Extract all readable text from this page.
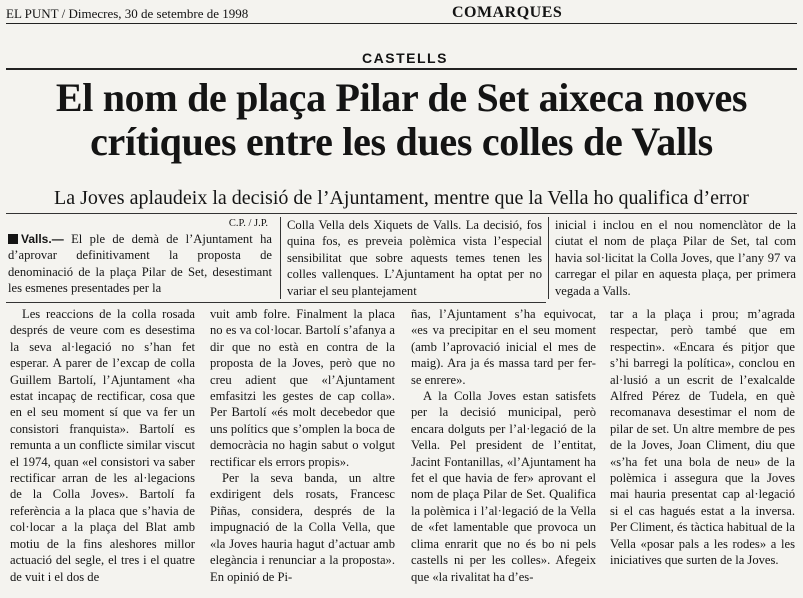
EL PUNT / Dimecres, 30 de setembre de 1998	COMARQUES
CASTELLS
El nom de plaça Pilar de Set aixeca noves
crítiques entre les dues colles de Valls
La Joves aplaudeix la decisió de l’Ajuntament, mentre que la Vella ho qualifica d’error
C.P. / J.P.
Valls.— El ple de demà de l’Ajuntament ha d’aprovar definitivament la proposta de denominació de la plaça Pilar de Set, desestimant les esmenes presentades per la
Colla Vella dels Xiquets de Valls. La decisió, fos quina fos, es preveia polèmica vista l’especial sensibilitat que sobre aquests temes tenen les colles vallenques. L’Ajuntament ha optat per no variar el seu plantejament
inicial i inclou en el nou nomenclàtor de la ciutat el nom de plaça Pilar de Set, tal com havia sol·licitat la Colla Joves, que l’any 97 va carregar el pilar en aquesta plaça, per primera vegada a Valls.

Les reaccions de la colla rosada després de veure com es desestima la seva al·legació no s’han fet esperar. A parer de l’excap de colla Guillem Bartolí, l’Ajuntament «ha estat incapaç de rectificar, cosa que en el seu moment sí que va fer un consistori franquista». Bartolí es remunta a un conflicte similar viscut el 1974, quan «el consistori va saber rectificar arran de les al·legacions de la Colla Joves». Bartolí fa referència a la placa que s’havia de col·locar a la plaça del Blat amb motiu de la fins aleshores millor actuació del segle, el tres i el quatre de vuit i el dos de

vuit amb folre. Finalment la placa no es va col·locar. Bartolí s’afanya a dir que no està en contra de la proposta de la Joves, però que no creu adient que «l’Ajuntament emfasitzi les gestes de cap colla». Per Bartolí «és molt decebedor que uns polítics que s’omplen la boca de democràcia no hagin sabut o volgut rectificar els errors propis».

Per la seva banda, un altre exdirigent dels rosats, Francesc Piñas, considera, després de la impugnació de la Colla Vella, que «la Joves hauria hagut d’actuar amb elegància i renunciar a la proposta». En opinió de Pi-

ñas, l’Ajuntament s’ha equivocat, «es va precipitar en el seu moment (amb l’aprovació inicial el mes de maig). Ara ja és massa tard per fer-se enrere».

A la Colla Joves estan satisfets per la decisió municipal, però encara dolguts per l’al·legació de la Vella. Pel president de l’entitat, Jacint Fontanillas, «l’Ajuntament ha fet el que havia de fer» aprovant el nom de plaça Pilar de Set. Qualifica la polèmica i l’al·legació de la Vella de «fet lamentable que provoca un clima enrarit que no és bo ni pels castells ni per les colles». Afegeix que «la rivalitat ha d’es-

tar a la plaça i prou; m’agrada respectar, però també que em respectin». «Encara és pitjor que s’hi barregi la política», conclou en al·lusió a un escrit de l’exalcalde Alfred Pérez de Tudela, en què recomanava desestimar el nom de pilar de set. Un altre membre de pes de la Joves, Joan Climent, diu que «s’ha fet una bola de neu» de la polèmica i assegura que la Joves mai hauria presentat cap al·legació si el cas hagués estat a la inversa. Per Climent, és tàctica habitual de la Vella «posar pals a les rodes» a les iniciatives que surten de la Joves.
